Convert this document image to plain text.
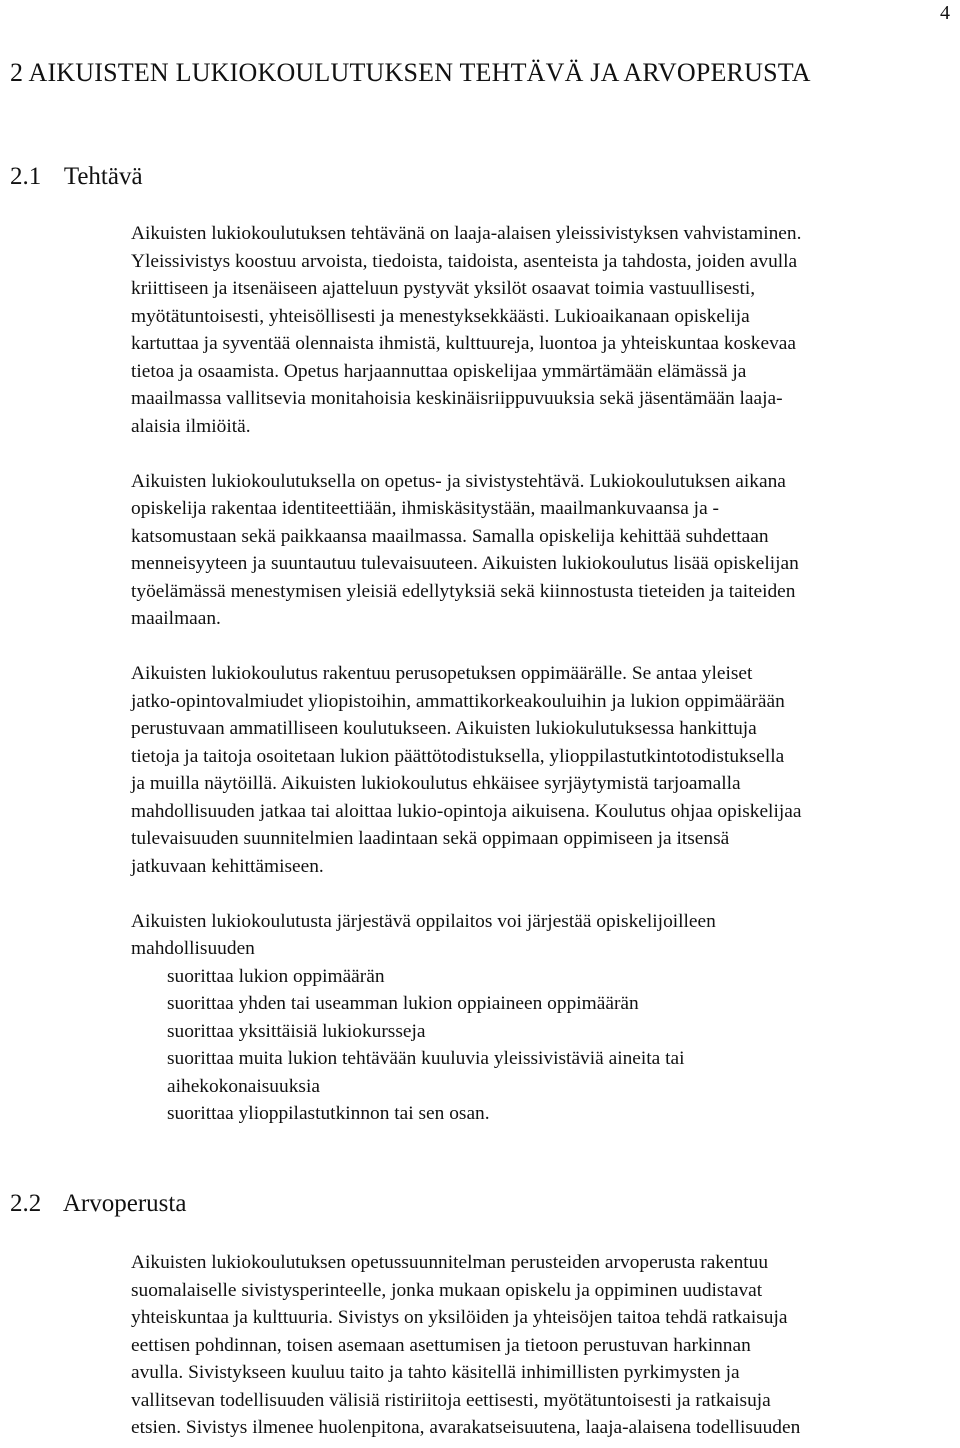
4
2 AIKUISTEN LUKIOKOULUTUKSEN TEHTÄVÄ JA ARVOPERUSTA
2.1 Tehtävä
Aikuisten lukiokoulutuksen tehtävänä on laaja-alaisen yleissivistyksen vahvistaminen.
Yleissivistys koostuu arvoista, tiedoista, taidoista, asenteista ja tahdosta, joiden avulla
kriittiseen ja itsenäiseen ajatteluun pystyvät yksilöt osaavat toimia vastuullisesti,
myötätuntoisesti, yhteisöllisesti ja menestyksekkäästi. Lukioaikanaan opiskelija
kartuttaa ja syventää olennaista ihmistä, kulttuureja, luontoa ja yhteiskuntaa koskevaa
tietoa ja osaamista. Opetus harjaannuttaa opiskelijaa ymmärtämään elämässä ja
maailmassa vallitsevia monitahoisia keskinäisriippuvuuksia sekä jäsentämään laaja-
alaisia ilmiöitä.
Aikuisten lukiokoulutuksella on opetus- ja sivistystehtävä. Lukiokoulutuksen aikana
opiskelija rakentaa identiteettiään, ihmiskäsitystään, maailmankuvaansa ja -
katsomustaan sekä paikkaansa maailmassa. Samalla opiskelija kehittää suhdettaan
menneisyyteen ja suuntautuu tulevaisuuteen. Aikuisten lukiokoulutus lisää opiskelijan
työelämässä menestymisen yleisiä edellytyksiä sekä kiinnostusta tieteiden ja taiteiden
maailmaan.
Aikuisten lukiokoulutus rakentuu perusopetuksen oppimäärälle. Se antaa yleiset
jatko-opintovalmiudet yliopistoihin, ammattikorkeakouluihin ja lukion oppimäärään
perustuvaan ammatilliseen koulutukseen. Aikuisten lukiokulutuksessa hankittuja
tietoja ja taitoja osoitetaan lukion päättötodistuksella, ylioppilastutkintotodistuksella
ja muilla näytöillä. Aikuisten lukiokoulutus ehkäisee syrjäytymistä tarjoamalla
mahdollisuuden jatkaa tai aloittaa lukio-opintoja aikuisena. Koulutus ohjaa opiskelijaa
tulevaisuuden suunnitelmien laadintaan sekä oppimaan oppimiseen ja itsensä
jatkuvaan kehittämiseen.
Aikuisten lukiokoulutusta järjestävä oppilaitos voi järjestää opiskelijoilleen
mahdollisuuden
suorittaa lukion oppimäärän
suorittaa yhden tai useamman lukion oppiaineen oppimäärän
suorittaa yksittäisiä lukiokursseja
suorittaa muita lukion tehtävään kuuluvia yleissivistäviä aineita tai
aihekokonaisuuksia
suorittaa ylioppilastutkinnon tai sen osan.
2.2 Arvoperusta
Aikuisten lukiokoulutuksen opetussuunnitelman perusteiden arvoperusta rakentuu
suomalaiselle sivistysperinteelle, jonka mukaan opiskelu ja oppiminen uudistavat
yhteiskuntaa ja kulttuuria. Sivistys on yksilöiden ja yhteisöjen taitoa tehdä ratkaisuja
eettisen pohdinnan, toisen asemaan asettumisen ja tietoon perustuvan harkinnan
avulla. Sivistykseen kuuluu taito ja tahto käsitellä inhimillisten pyrkimysten ja
vallitsevan todellisuuden välisiä ristiriitoja eettisesti, myötätuntoisesti ja ratkaisuja
etsien. Sivistys ilmenee huolenpitona, avarakatseisuutena, laaja-alaisena todellisuuden
